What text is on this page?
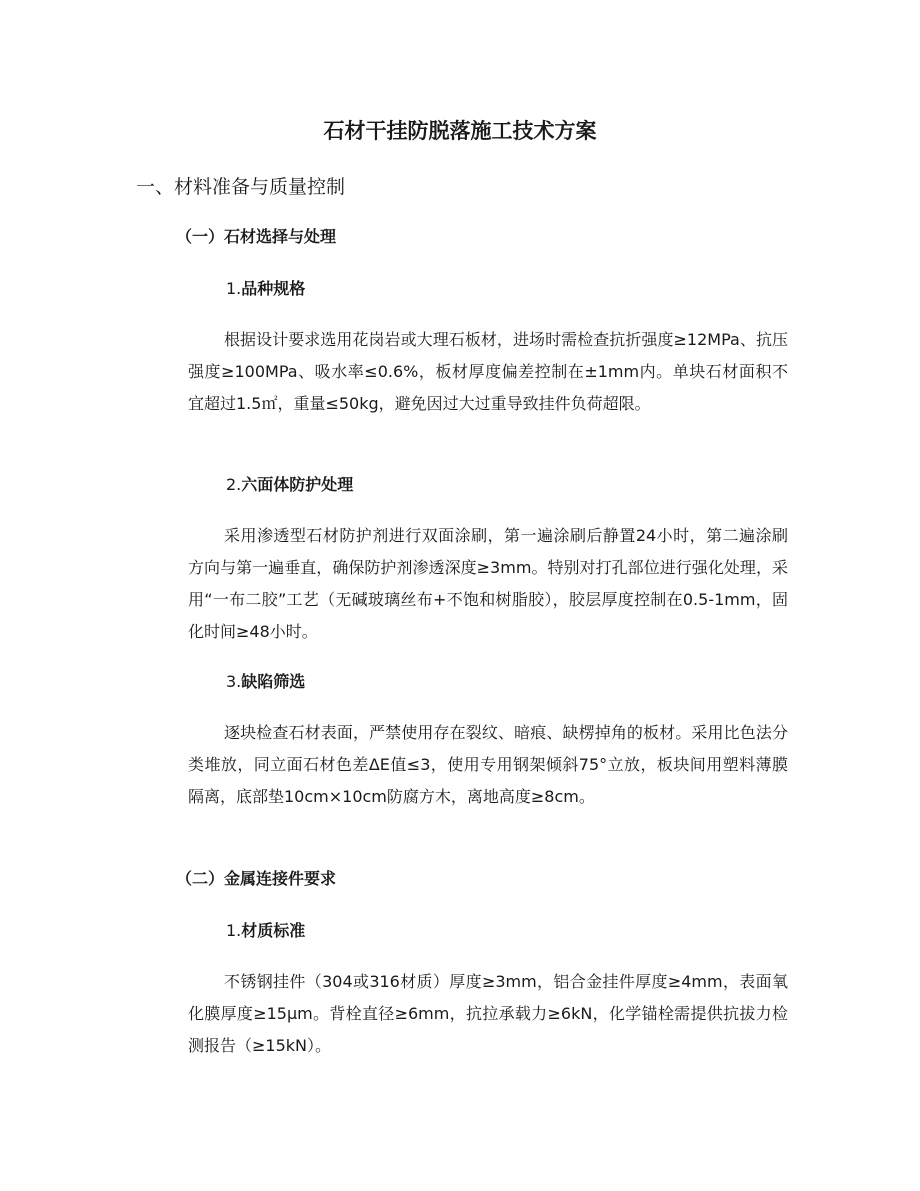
石材干挂防脱落施工技术方案
一、材料准备与质量控制
（一）石材选择与处理
1.品种规格

根据设计要求选用花岗岩或大理石板材，进场时需检查抗折强度≥12MPa、抗压强度≥100MPa、吸水率≤0.6%，板材厚度偏差控制在±1mm内。单块石材面积不宜超过1.5㎡，重量≤50kg，避免因过大过重导致挂件负荷超限。

2.六面体防护处理

采用渗透型石材防护剂进行双面涂刷，第一遍涂刷后静置24小时，第二遍涂刷方向与第一遍垂直，确保防护剂渗透深度≥3mm。特别对打孔部位进行强化处理，采用“一布二胶”工艺（无碱玻璃丝布+不饱和树脂胶），胶层厚度控制在0.5-1mm，固化时间≥48小时。

3.缺陷筛选

逐块检查石材表面，严禁使用存在裂纹、暗痕、缺楞掉角的板材。采用比色法分类堆放，同立面石材色差ΔE值≤3，使用专用钢架倾斜75°立放，板块间用塑料薄膜隔离，底部垫10cm×10cm防腐方木，离地高度≥8cm。

（二）金属连接件要求
1.材质标准

不锈钢挂件（304或316材质）厚度≥3mm，铝合金挂件厚度≥4mm，表面氧化膜厚度≥15μm。背栓直径≥6mm，抗拉承载力≥6kN，化学锚栓需提供抗拔力检测报告（≥15kN）。
